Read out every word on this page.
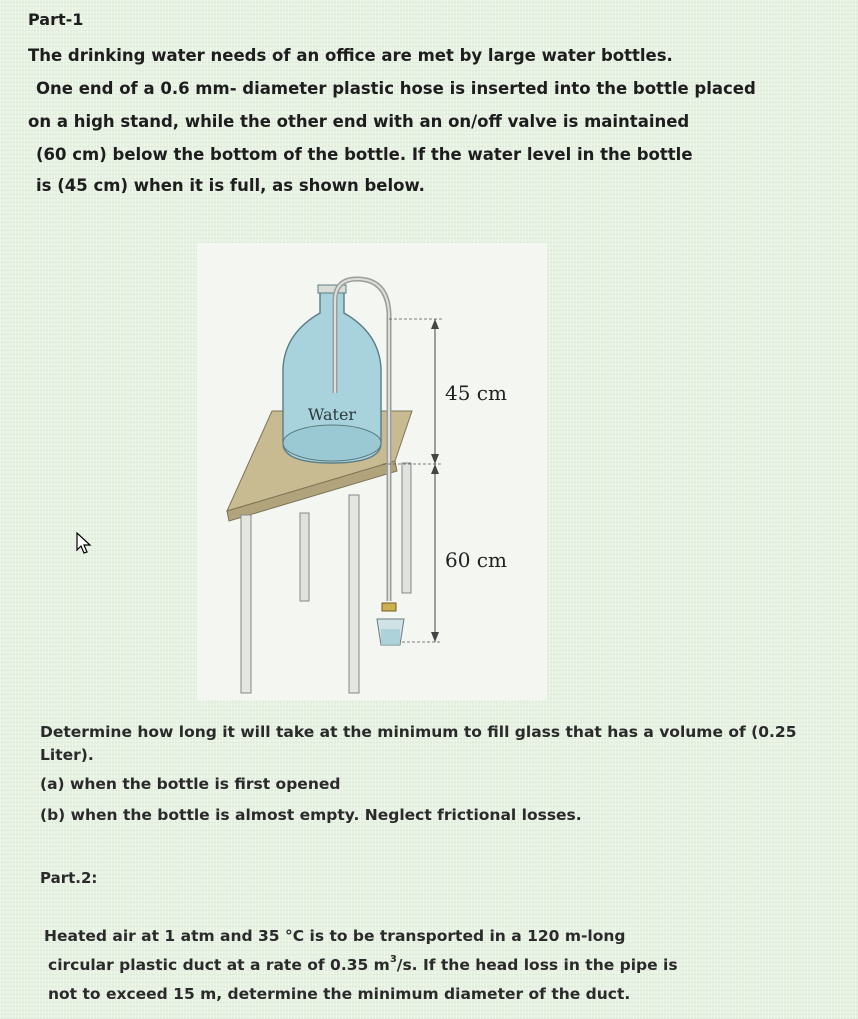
Part-1
The drinking water needs of an office are met by large water bottles.
One end of a 0.6 mm- diameter plastic hose is inserted into the bottle placed
on a high stand, while the other end with an on/off valve is maintained
(60 cm) below the bottom of the bottle. If the water level in the bottle
is (45 cm) when it is full, as shown below.
Water
45 cm
60 cm
Determine how long it will take at the minimum to fill glass that has a volume of (0.25
Liter).
(a) when the bottle is first opened
(b) when the bottle is almost empty. Neglect frictional losses.
Part.2:
Heated air at 1 atm and 35 °C is to be transported in a 120 m-long
circular plastic duct at a rate of 0.35 $m^3/s$. If the head loss in the pipe is
not to exceed 15 m, determine the minimum diameter of the duct.
